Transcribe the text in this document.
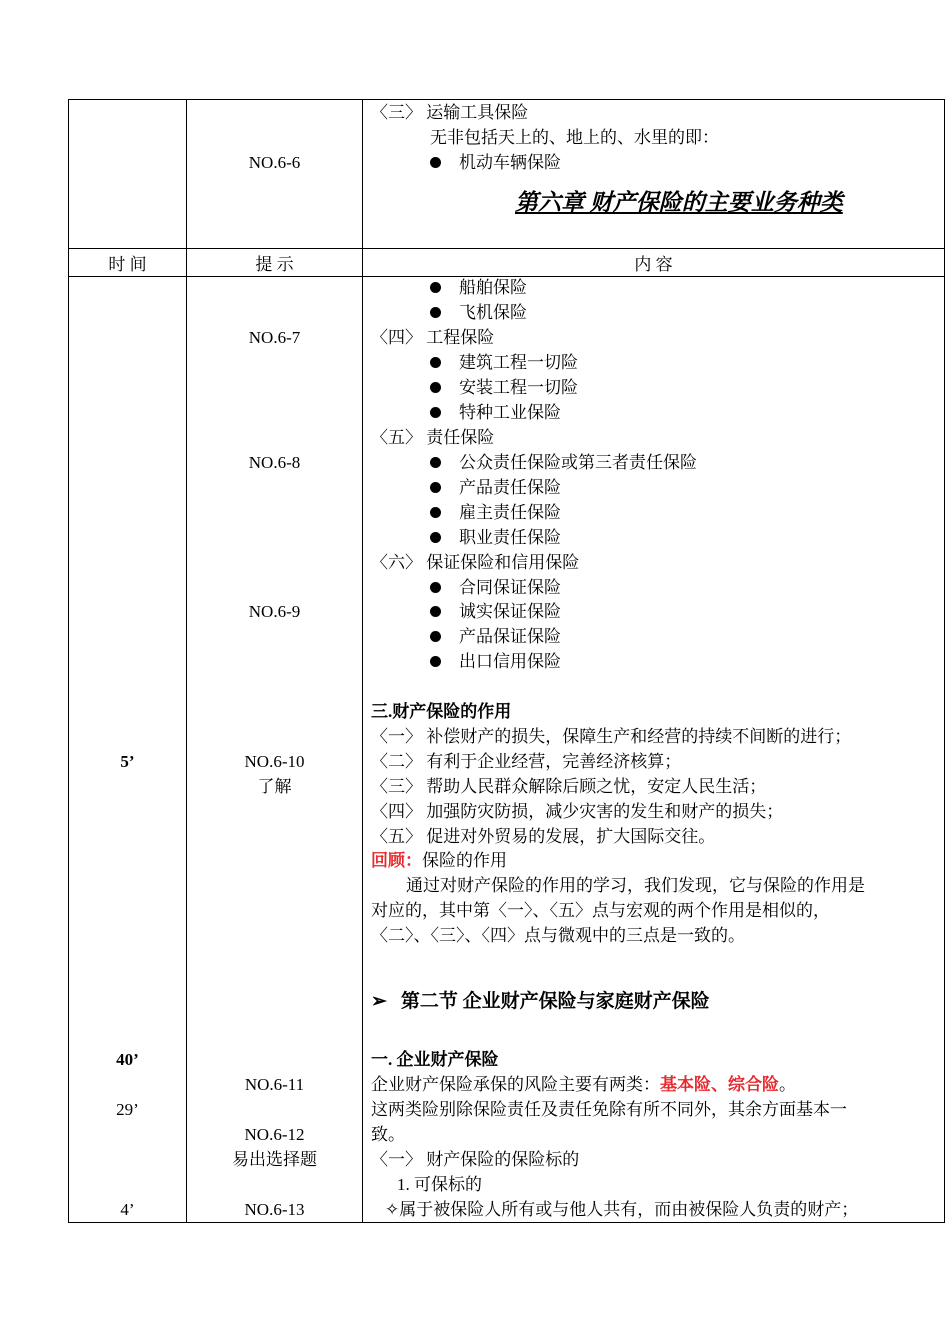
〈三〉 运输工具保险
无非包括天上的、地上的、水里的即：
机动车辆保险
NO.6-6
第六章 财产保险的主要业务种类
时 间	提 示	内 容
NO.6-7
NO.6-8
NO.6-9
NO.6-10
了解
NO.6-11
NO.6-12
易出选择题
NO.6-13
5’
40’
29’
4’
船舶保险
飞机保险
〈四〉 工程保险
建筑工程一切险
安装工程一切险
特种工业保险
〈五〉 责任保险
公众责任保险或第三者责任保险
产品责任保险
雇主责任保险
职业责任保险
〈六〉 保证保险和信用保险
合同保证保险
诚实保证保险
产品保证保险
出口信用保险
三.财产保险的作用
〈一〉 补偿财产的损失，保障生产和经营的持续不间断的进行；
〈二〉 有利于企业经营，完善经济核算；
〈三〉 帮助人民群众解除后顾之忧，安定人民生活；
〈四〉 加强防灾防损，减少灾害的发生和财产的损失；
〈五〉 促进对外贸易的发展，扩大国际交往。
回顾：保险的作用
通过对财产保险的作用的学习，我们发现，它与保险的作用是
对应的，其中第〈一〉、〈五〉点与宏观的两个作用是相似的，
〈二〉、〈三〉、〈四〉点与微观中的三点是一致的。
➢ 第二节 企业财产保险与家庭财产保险
一. 企业财产保险
企业财产保险承保的风险主要有两类：基本险、综合险。
这两类险别除保险责任及责任免除有所不同外，其余方面基本一
致。
〈一〉 财产保险的保险标的
1. 可保标的
✧属于被保险人所有或与他人共有，而由被保险人负责的财产；
